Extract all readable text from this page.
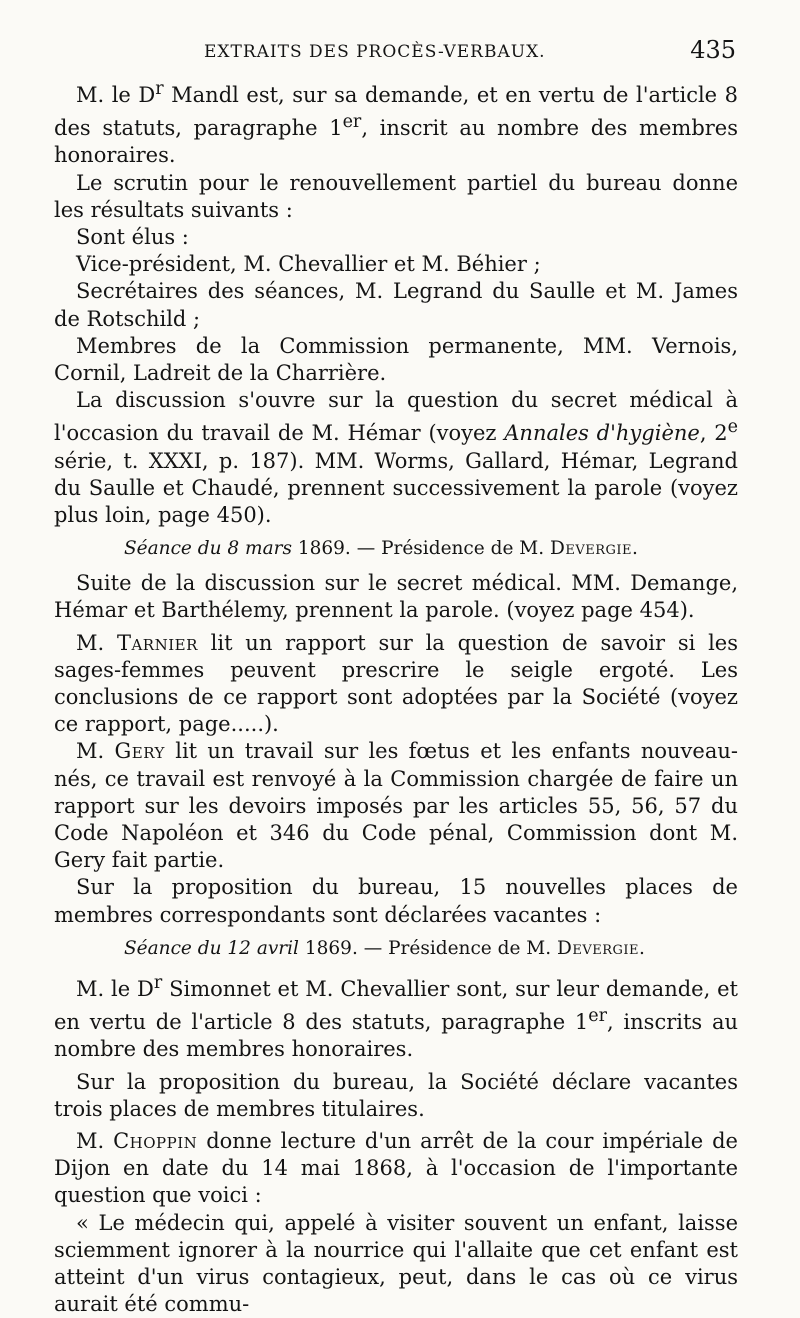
EXTRAITS DES PROCÈS-VERBAUX.	435

M. le $D^r$ Mandl est, sur sa demande, et en vertu de l'article 8 des statuts, paragraphe 1er, inscrit au nombre des membres honoraires.

Le scrutin pour le renouvellement partiel du bureau donne les résultats suivants :

Sont élus :

Vice-président, M. Chevallier et M. Béhier ;

Secrétaires des séances, M. Legrand du Saulle et M. James de Rotschild ;

Membres de la Commission permanente, MM. Vernois, Cornil, Ladreit de la Charrière.

La discussion s'ouvre sur la question du secret médical à l'occasion du travail de M. Hémar (voyez Annales d'hygiène, 2e série, t. XXXI, p. 187). MM. Worms, Gallard, Hémar, Legrand du Saulle et Chaudé, prennent successivement la parole (voyez plus loin, page 450).

Séance du 8 mars 1869. — Présidence de M. Devergie.

Suite de la discussion sur le secret médical. MM. Demange, Hémar et Barthélemy, prennent la parole. (voyez page 454).

M. Tarnier lit un rapport sur la question de savoir si les sages-femmes peuvent prescrire le seigle ergoté. Les conclusions de ce rapport sont adoptées par la Société (voyez ce rapport, page.....).

M. Gery lit un travail sur les fœtus et les enfants nouveau-nés, ce travail est renvoyé à la Commission chargée de faire un rapport sur les devoirs imposés par les articles 55, 56, 57 du Code Napoléon et 346 du Code pénal, Commission dont M. Gery fait partie.

Sur la proposition du bureau, 15 nouvelles places de membres correspondants sont déclarées vacantes :

Séance du 12 avril 1869. — Présidence de M. Devergie.

M. le $D^r$ Simonnet et M. Chevallier sont, sur leur demande, et en vertu de l'article 8 des statuts, paragraphe 1er, inscrits au nombre des membres honoraires.

Sur la proposition du bureau, la Société déclare vacantes trois places de membres titulaires.

M. Choppin donne lecture d'un arrêt de la cour impériale de Dijon en date du 14 mai 1868, à l'occasion de l'importante question que voici :

« Le médecin qui, appelé à visiter souvent un enfant, laisse sciemment ignorer à la nourrice qui l'allaite que cet enfant est atteint d'un virus contagieux, peut, dans le cas où ce virus aurait été commu-
